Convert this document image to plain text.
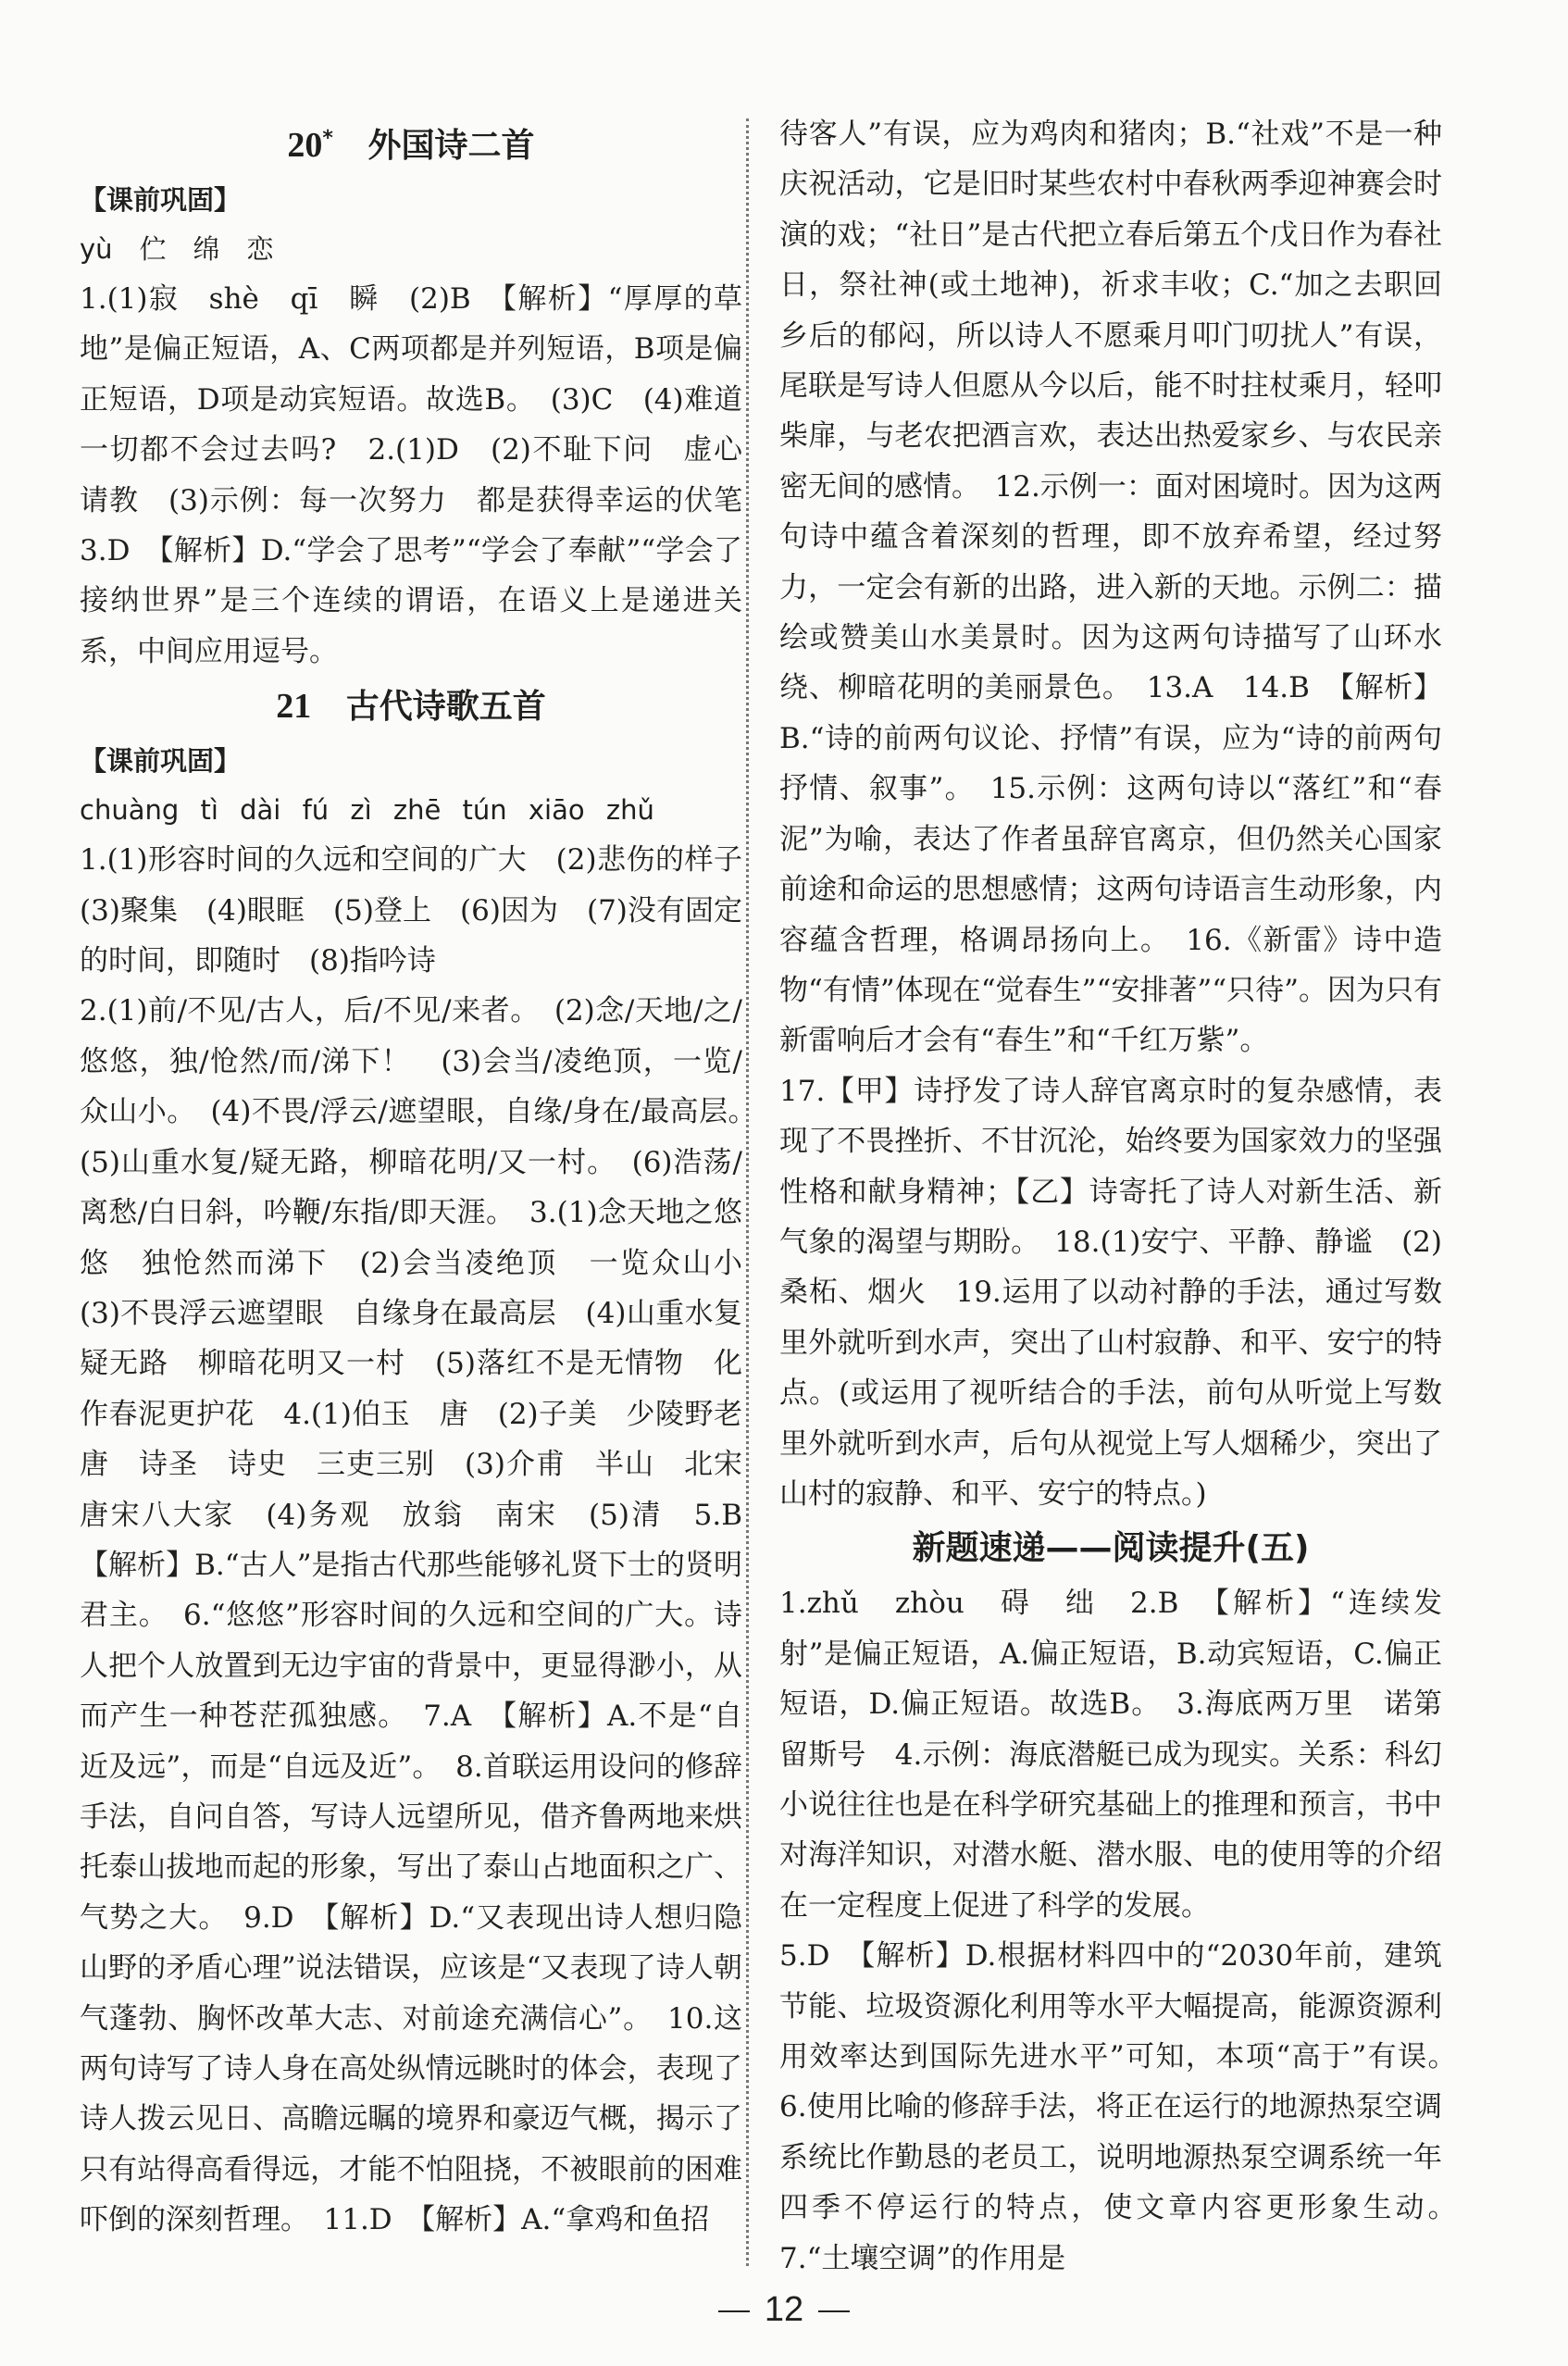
20* 外国诗二首
【课前巩固】
yù　伫　绵　恋

1.(1)寂　shè　qī　瞬　(2)B　【解析】“厚厚的草地”是偏正短语，A、C两项都是并列短语，B项是偏正短语，D项是动宾短语。故选B。　(3)C　(4)难道一切都不会过去吗?　2.(1)D　(2)不耻下问　虚心请教　(3)示例：每一次努力　都是获得幸运的伏笔　3.D　【解析】D.“学会了思考”“学会了奉献”“学会了接纳世界”是三个连续的谓语，在语义上是递进关系，中间应用逗号。

21 古代诗歌五首
【课前巩固】
chuàng tì dài fú zì zhē tún xiāo zhǔ

1.(1)形容时间的久远和空间的广大　(2)悲伤的样子　(3)聚集　(4)眼眶　(5)登上　(6)因为　(7)没有固定的时间，即随时　(8)指吟诗

2.(1)前/不见/古人，后/不见/来者。　(2)念/天地/之/悠悠，独/怆然/而/涕下！　(3)会当/凌绝顶，一览/众山小。　(4)不畏/浮云/遮望眼，自缘/身在/最高层。　(5)山重水复/疑无路，柳暗花明/又一村。　(6)浩荡/离愁/白日斜，吟鞭/东指/即天涯。　3.(1)念天地之悠悠　独怆然而涕下　(2)会当凌绝顶　一览众山小　(3)不畏浮云遮望眼　自缘身在最高层　(4)山重水复疑无路　柳暗花明又一村　(5)落红不是无情物　化作春泥更护花　4.(1)伯玉　唐　(2)子美　少陵野老　唐　诗圣　诗史　三吏三别　(3)介甫　半山　北宋　唐宋八大家　(4)务观　放翁　南宋　(5)清　5.B　【解析】B.“古人”是指古代那些能够礼贤下士的贤明君主。　6.“悠悠”形容时间的久远和空间的广大。诗人把个人放置到无边宇宙的背景中，更显得渺小，从而产生一种苍茫孤独感。　7.A　【解析】A.不是“自近及远”，而是“自远及近”。　8.首联运用设问的修辞手法，自问自答，写诗人远望所见，借齐鲁两地来烘托泰山拔地而起的形象，写出了泰山占地面积之广、气势之大。　9.D　【解析】D.“又表现出诗人想归隐山野的矛盾心理”说法错误，应该是“又表现了诗人朝气蓬勃、胸怀改革大志、对前途充满信心”。　10.这两句诗写了诗人身在高处纵情远眺时的体会，表现了诗人拨云见日、高瞻远瞩的境界和豪迈气概，揭示了只有站得高看得远，才能不怕阻挠，不被眼前的困难吓倒的深刻哲理。　11.D　【解析】A.“拿鸡和鱼招

待客人”有误，应为鸡肉和猪肉；B.“社戏”不是一种庆祝活动，它是旧时某些农村中春秋两季迎神赛会时演的戏；“社日”是古代把立春后第五个戊日作为春社日，祭社神(或土地神)，祈求丰收；C.“加之去职回乡后的郁闷，所以诗人不愿乘月叩门叨扰人”有误，尾联是写诗人但愿从今以后，能不时拄杖乘月，轻叩柴扉，与老农把酒言欢，表达出热爱家乡、与农民亲密无间的感情。　12.示例一：面对困境时。因为这两句诗中蕴含着深刻的哲理，即不放弃希望，经过努力，一定会有新的出路，进入新的天地。示例二：描绘或赞美山水美景时。因为这两句诗描写了山环水绕、柳暗花明的美丽景色。　13.A　14.B　【解析】B.“诗的前两句议论、抒情”有误，应为“诗的前两句抒情、叙事”。　15.示例：这两句诗以“落红”和“春泥”为喻，表达了作者虽辞官离京，但仍然关心国家前途和命运的思想感情；这两句诗语言生动形象，内容蕴含哲理，格调昂扬向上。　16.《新雷》诗中造物“有情”体现在“觉春生”“安排著”“只待”。因为只有新雷响后才会有“春生”和“千红万紫”。

17.【甲】诗抒发了诗人辞官离京时的复杂感情，表现了不畏挫折、不甘沉沦，始终要为国家效力的坚强性格和献身精神；【乙】诗寄托了诗人对新生活、新气象的渴望与期盼。　18.(1)安宁、平静、静谧　(2)桑柘、烟火　19.运用了以动衬静的手法，通过写数里外就听到水声，突出了山村寂静、和平、安宁的特点。(或运用了视听结合的手法，前句从听觉上写数里外就听到水声，后句从视觉上写人烟稀少，突出了山村的寂静、和平、安宁的特点。)

新题速递——阅读提升(五)

1.zhǔ　zhòu　碍　绌　2.B　【解析】“连续发射”是偏正短语，A.偏正短语，B.动宾短语，C.偏正短语，D.偏正短语。故选B。　3.海底两万里　诺第留斯号　4.示例：海底潜艇已成为现实。关系：科幻小说往往也是在科学研究基础上的推理和预言，书中对海洋知识，对潜水艇、潜水服、电的使用等的介绍在一定程度上促进了科学的发展。

5.D　【解析】D.根据材料四中的“2030年前，建筑节能、垃圾资源化利用等水平大幅提高，能源资源利用效率达到国际先进水平”可知，本项“高于”有误。　6.使用比喻的修辞手法，将正在运行的地源热泵空调系统比作勤恳的老员工，说明地源热泵空调系统一年四季不停运行的特点，使文章内容更形象生动。　7.“土壤空调”的作用是

12
